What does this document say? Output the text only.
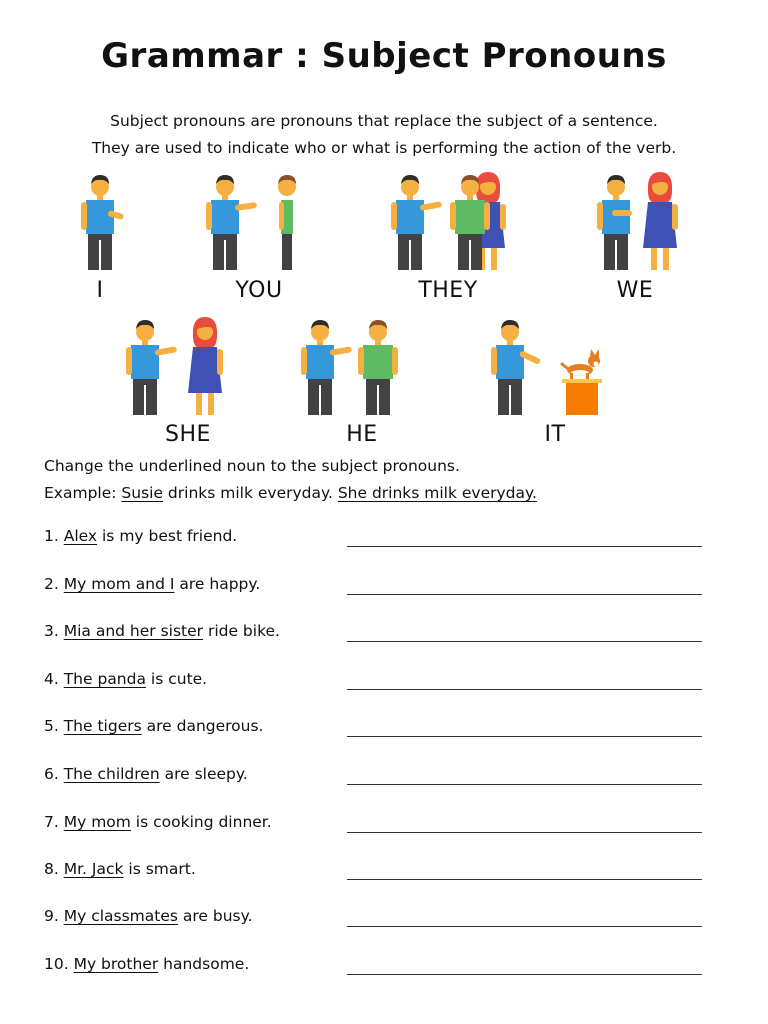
Grammar : Subject Pronouns

Subject pronouns are pronouns that replace the subject of a sentence.

They are used to indicate who or what is performing the action of the verb.

I	YOU	THEY	WE
SHE	HE	IT

Change the underlined noun to the subject pronouns.

Example: Susie drinks milk everyday. She drinks milk everyday.

1. Alex is my best friend.
2. My mom and I are happy.
3. Mia and her sister ride bike.
4. The panda is cute.
5. The tigers are dangerous.
6. The children are sleepy.
7. My mom is cooking dinner.
8. Mr. Jack is smart.
9. My classmates are busy.
10. My brother handsome.
